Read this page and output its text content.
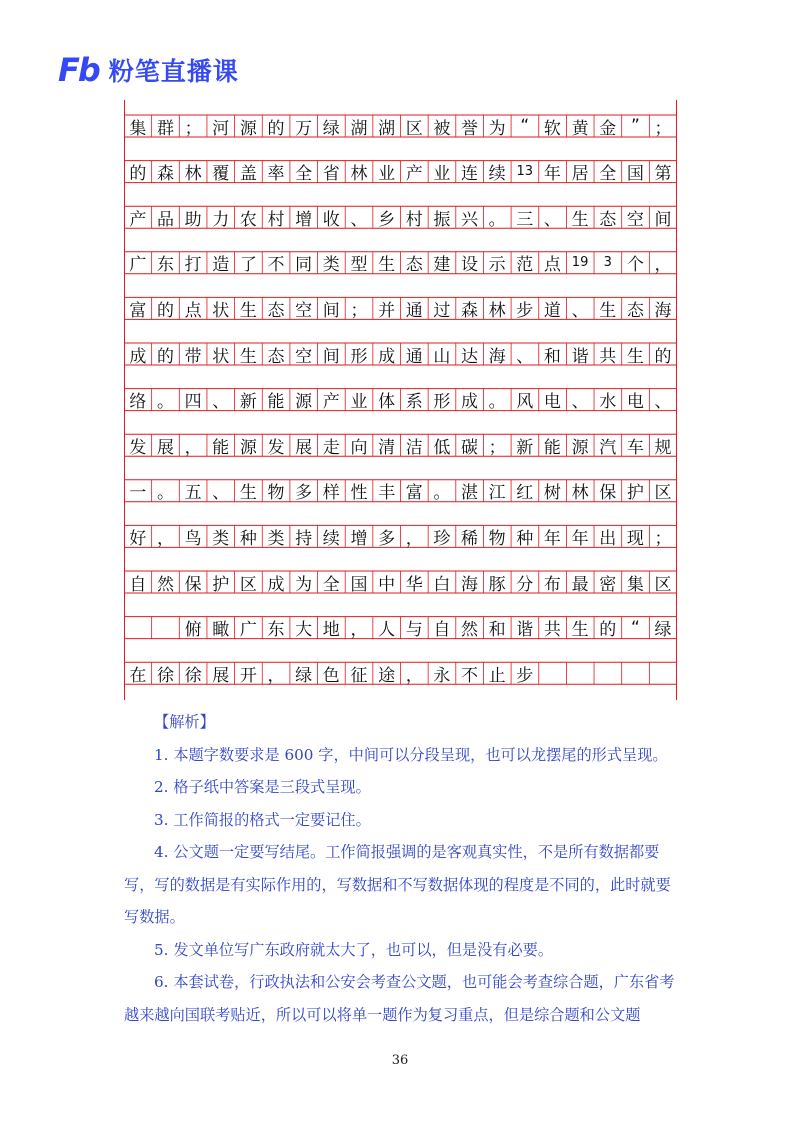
Fb 粉笔直播课
集 群 ； 河 源 的 万 绿 湖 湖 区 被 誉 为 “ 软 黄 金 ” ；
的 森 林 覆 盖 率 全 省 林 业 产 业 连 续 13 年 居 全 国 第
产 品 助 力 农 村 增 收 、 乡 村 振 兴 。 三 、 生 态 空 间
广 东 打 造 了 不 同 类 型 生 态 建 设 示 范 点 19	3 个 ，
富 的 点 状 生 态 空 间 ； 并 通 过 森 林 步 道 、 生 态 海
成 的 带 状 生 态 空 间 形 成 通 山 达 海 、 和 谐 共 生 的
络 。 四 、 新 能 源 产 业 体 系 形 成 。 风 电 、 水 电 、
发 展 ， 能 源 发 展 走 向 清 洁 低 碳 ； 新 能 源 汽 车 规
一 。 五 、 生 物 多 样 性 丰 富 。 湛 江 红 树 林 保 护 区
好 ， 鸟 类 种 类 持 续 增 多 ， 珍 稀 物 种 年 年 出 现 ；
自 然 保 护 区 成 为 全 国 中 华 白 海 豚 分 布 最 密 集 区
俯 瞰 广 东 大 地 ， 人 与 自 然 和 谐 共 生 的 “ 绿
在 徐 徐 展 开 ， 绿 色 征 途 ， 永 不 止 步
【解析】

1. 本题字数要求是 600 字，中间可以分段呈现，也可以龙摆尾的形式呈现。

2. 格子纸中答案是三段式呈现。

3. 工作简报的格式一定要记住。

4. 公文题一定要写结尾。工作简报强调的是客观真实性，不是所有数据都要写，写的数据是有实际作用的，写数据和不写数据体现的程度是不同的，此时就要写数据。

5. 发文单位写广东政府就太大了，也可以，但是没有必要。

6. 本套试卷，行政执法和公安会考查公文题，也可能会考查综合题，广东省考越来越向国联考贴近，所以可以将单一题作为复习重点，但是综合题和公文题

36
